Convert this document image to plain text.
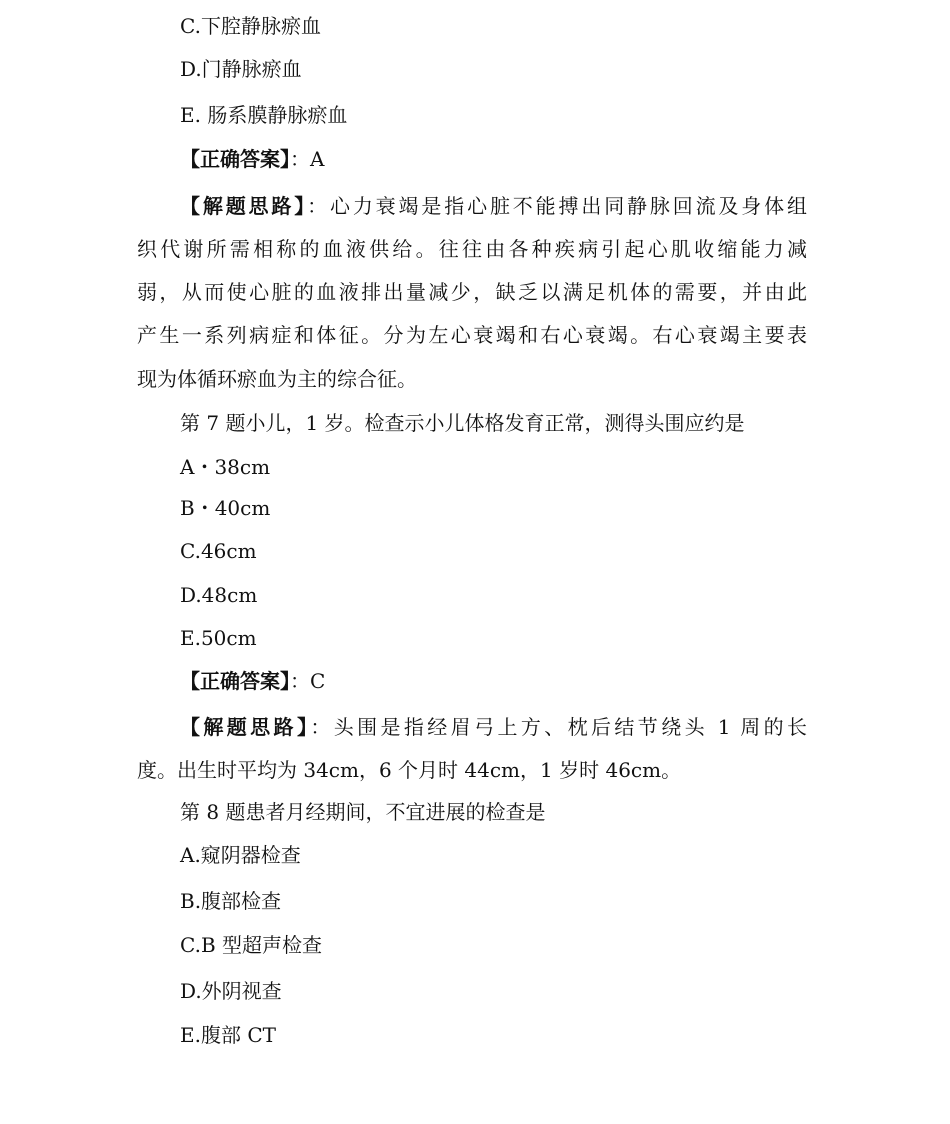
C.下腔静脉瘀血
D.门静脉瘀血
E. 肠系膜静脉瘀血
【正确答案】：A
【解题思路】：心力衰竭是指心脏不能搏出同静脉回流及身体组
织代谢所需相称的血液供给。往往由各种疾病引起心肌收缩能力减
弱，从而使心脏的血液排出量减少，缺乏以满足机体的需要，并由此
产生一系列病症和体征。分为左心衰竭和右心衰竭。右心衰竭主要表
现为体循环瘀血为主的综合征。
第 7 题小儿，1 岁。检查示小儿体格发育正常，测得头围应约是
A・38cm
B・40cm
C.46cm
D.48cm
E.50cm
【正确答案】：C
【解题思路】：头围是指经眉弓上方、枕后结节绕头 1 周的长
度。出生时平均为 34cm，6 个月时 44cm，1 岁时 46cm。
第 8 题患者月经期间，不宜进展的检查是
A.窥阴器检查
B.腹部检查
C.B 型超声检查
D.外阴视查
E.腹部 CT
